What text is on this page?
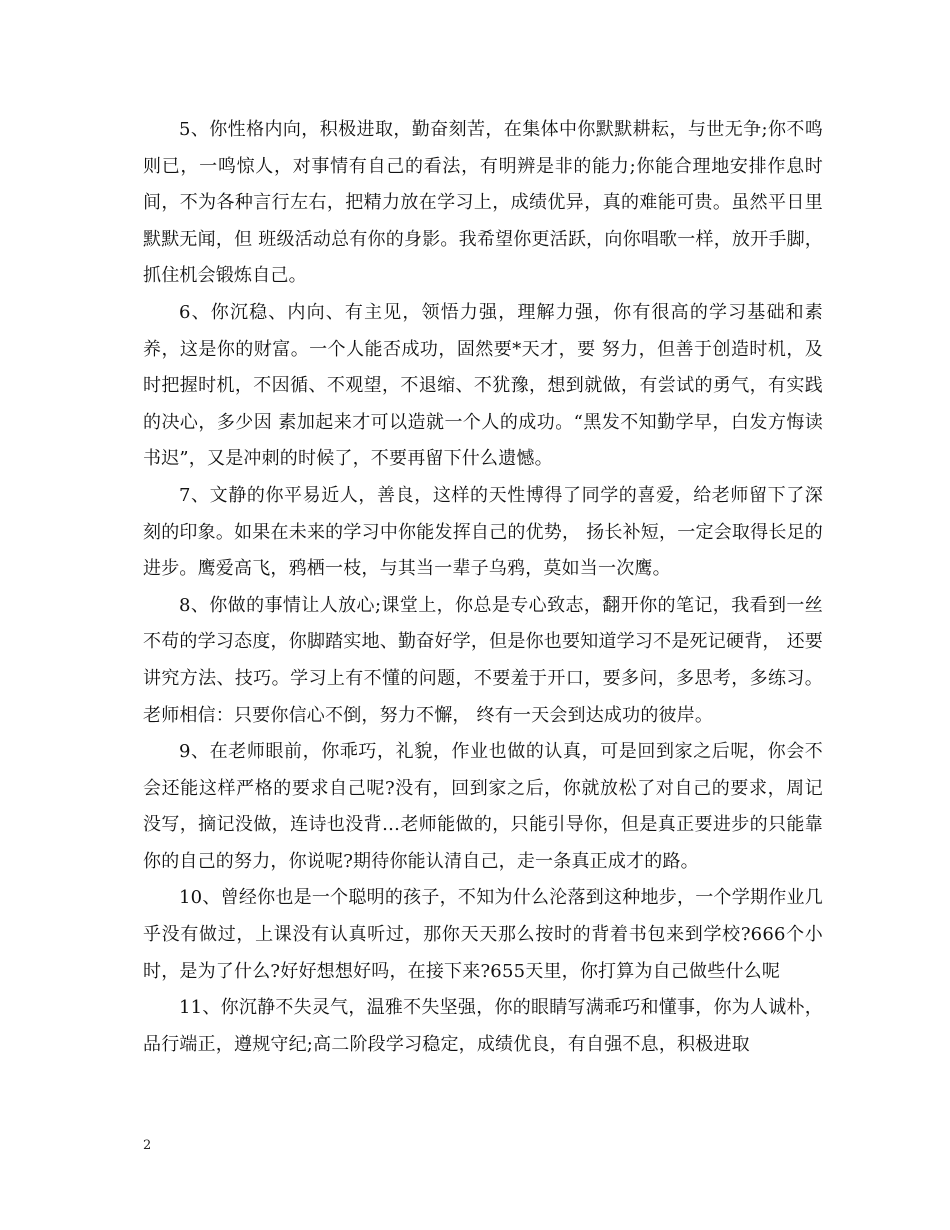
5、你性格内向，积极进取，勤奋刻苦，在集体中你默默耕耘，与世无争;你不鸣则已，一鸣惊人，对事情有自己的看法，有明辨是非的能力;你能合理地安排作息时间，不为各种言行左右，把精力放在学习上，成绩优异，真的难能可贵。虽然平日里默默无闻，但 班级活动总有你的身影。我希望你更活跃，向你唱歌一样，放开手脚，抓住机会锻炼自己。

6、你沉稳、内向、有主见，领悟力强，理解力强，你有很高的学习基础和素养，这是你的财富。一个人能否成功，固然要*天才，要 努力，但善于创造时机，及时把握时机，不因循、不观望，不退缩、不犹豫，想到就做，有尝试的勇气，有实践的决心，多少因 素加起来才可以造就一个人的成功。“黑发不知勤学早，白发方悔读书迟”，又是冲刺的时候了，不要再留下什么遗憾。

7、文静的你平易近人，善良，这样的天性博得了同学的喜爱，给老师留下了深刻的印象。如果在未来的学习中你能发挥自己的优势， 扬长补短，一定会取得长足的进步。鹰爱高飞，鸦栖一枝，与其当一辈子乌鸦，莫如当一次鹰。

8、你做的事情让人放心;课堂上，你总是专心致志，翻开你的笔记，我看到一丝不苟的学习态度，你脚踏实地、勤奋好学，但是你也要知道学习不是死记硬背， 还要讲究方法、技巧。学习上有不懂的问题，不要羞于开口，要多问，多思考，多练习。老师相信：只要你信心不倒，努力不懈， 终有一天会到达成功的彼岸。

9、在老师眼前，你乖巧，礼貌，作业也做的认真，可是回到家之后呢，你会不会还能这样严格的要求自己呢?没有，回到家之后，你就放松了对自己的要求，周记没写，摘记没做，连诗也没背…老师能做的，只能引导你，但是真正要进步的只能靠你的自己的努力，你说呢?期待你能认清自己，走一条真正成才的路。

10、曾经你也是一个聪明的孩子，不知为什么沦落到这种地步，一个学期作业几乎没有做过，上课没有认真听过，那你天天那么按时的背着书包来到学校?666个小时，是为了什么?好好想想好吗，在接下来?655天里，你打算为自己做些什么呢

11、你沉静不失灵气，温雅不失坚强，你的眼睛写满乖巧和懂事，你为人诚朴，品行端正，遵规守纪;高二阶段学习稳定，成绩优良，有自强不息，积极进取

2
